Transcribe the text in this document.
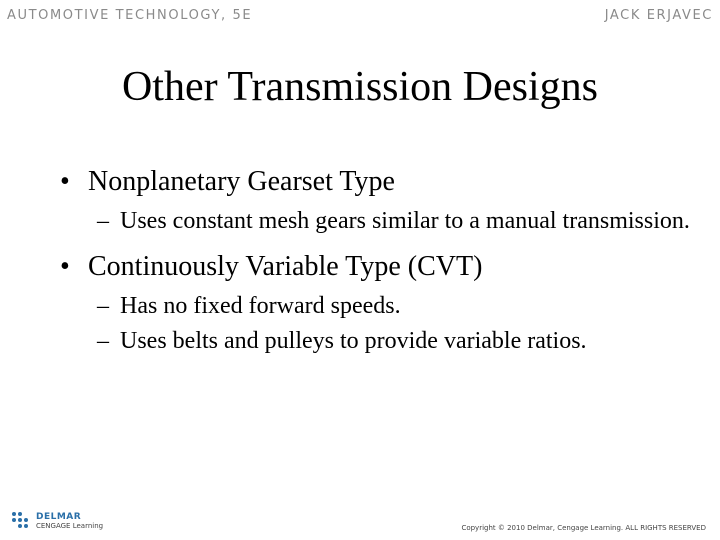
AUTOMOTIVE TECHNOLOGY, 5E	JACK ERJAVEC
Other Transmission Designs
• Nonplanetary Gearset Type
– Uses constant mesh gears similar to a manual transmission.
• Continuously Variable Type (CVT)
– Has no fixed forward speeds.
– Uses belts and pulleys to provide variable ratios.
DELMAR
CENGAGE Learning	Copyright © 2010 Delmar, Cengage Learning. ALL RIGHTS RESERVED
